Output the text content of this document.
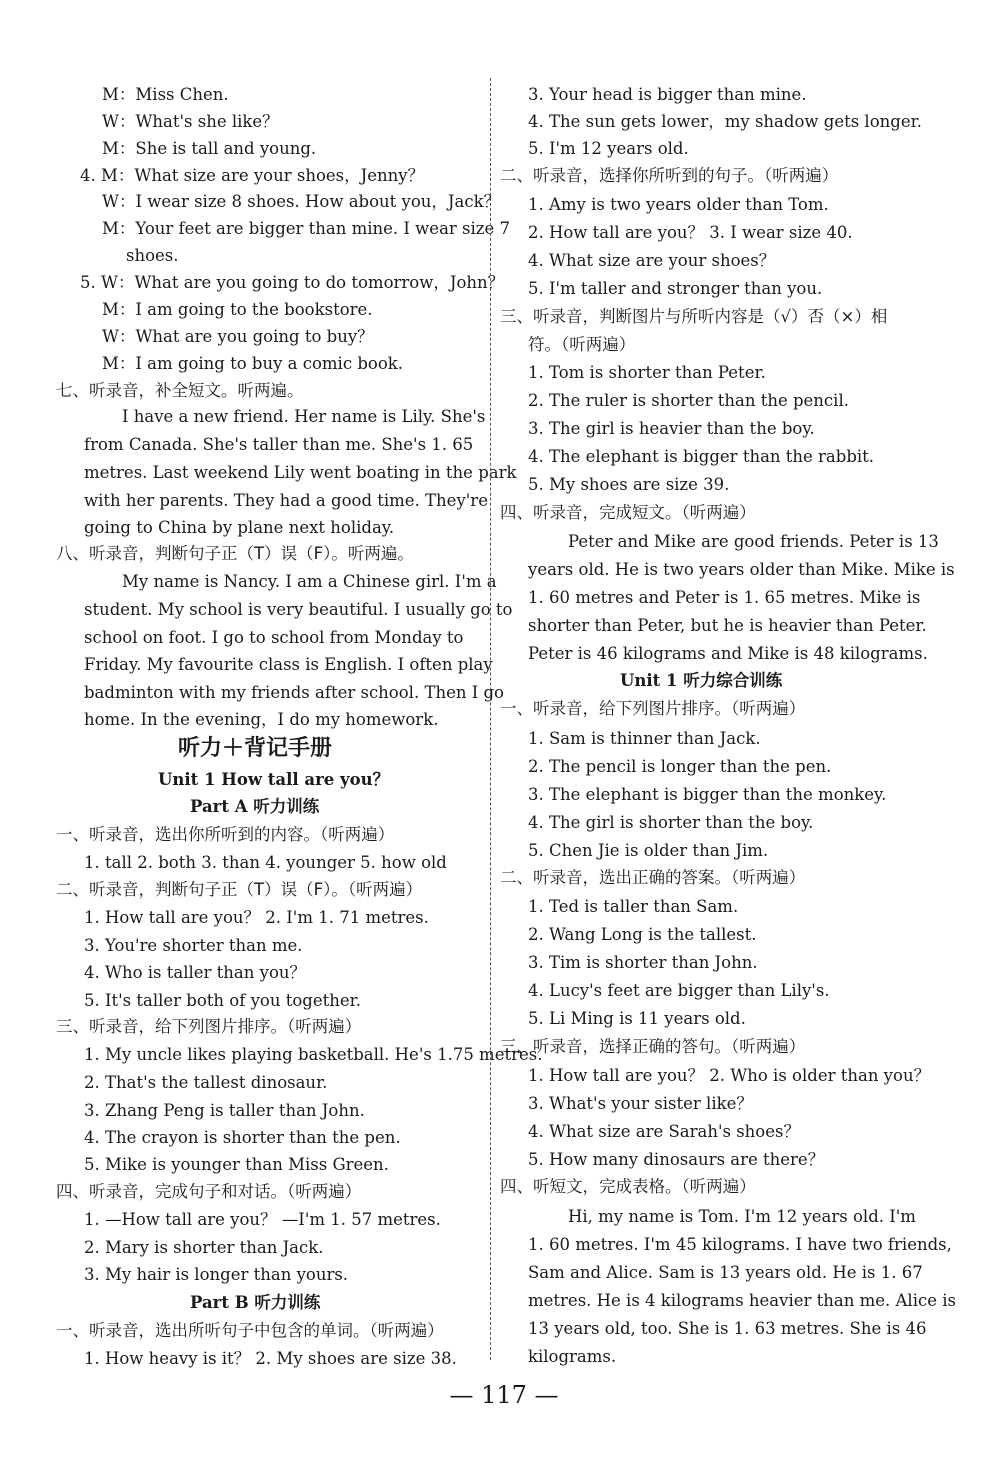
M：Miss Chen.
W：What's she like？
M：She is tall and young.
4. M：What size are your shoes，Jenny？
W：I wear size 8 shoes. How about you，Jack？
M：Your feet are bigger than mine. I wear size 7
shoes.
5. W：What are you going to do tomorrow，John？
M：I am going to the bookstore.
W：What are you going to buy？
M：I am going to buy a comic book.
七、听录音，补全短文。听两遍。
I have a new friend. Her name is Lily. She's
from Canada. She's taller than me. She's 1. 65
metres. Last weekend Lily went boating in the park
with her parents. They had a good time. They're
going to China by plane next holiday.
八、听录音，判断句子正（T）误（F）。听两遍。
My name is Nancy. I am a Chinese girl. I'm a
student. My school is very beautiful. I usually go to
school on foot. I go to school from Monday to
Friday. My favourite class is English. I often play
badminton with my friends after school. Then I go
home. In the evening，I do my homework.
听力＋背记手册
Unit 1 How tall are you？
Part A 听力训练
一、听录音，选出你所听到的内容。（听两遍）
1. tall 2. both 3. than 4. younger 5. how old
二、听录音，判断句子正（T）误（F）。（听两遍）
1. How tall are you？ 2. I'm 1. 71 metres.
3. You're shorter than me.
4. Who is taller than you？
5. It's taller both of you together.
三、听录音，给下列图片排序。（听两遍）
1. My uncle likes playing basketball. He's 1.75 metres.
2. That's the tallest dinosaur.
3. Zhang Peng is taller than John.
4. The crayon is shorter than the pen.
5. Mike is younger than Miss Green.
四、听录音，完成句子和对话。（听两遍）
1. —How tall are you？ —I'm 1. 57 metres.
2. Mary is shorter than Jack.
3. My hair is longer than yours.
Part B 听力训练
一、听录音，选出所听句子中包含的单词。（听两遍）
1. How heavy is it？ 2. My shoes are size 38.
3. Your head is bigger than mine.
4. The sun gets lower，my shadow gets longer.
5. I'm 12 years old.
二、听录音，选择你所听到的句子。（听两遍）
1. Amy is two years older than Tom.
2. How tall are you？ 3. I wear size 40.
4. What size are your shoes？
5. I'm taller and stronger than you.
三、听录音，判断图片与所听内容是（√）否（×）相
符。（听两遍）
1. Tom is shorter than Peter.
2. The ruler is shorter than the pencil.
3. The girl is heavier than the boy.
4. The elephant is bigger than the rabbit.
5. My shoes are size 39.
四、听录音，完成短文。（听两遍）
Peter and Mike are good friends. Peter is 13
years old. He is two years older than Mike. Mike is
1. 60 metres and Peter is 1. 65 metres. Mike is
shorter than Peter, but he is heavier than Peter.
Peter is 46 kilograms and Mike is 48 kilograms.
Unit 1 听力综合训练
一、听录音，给下列图片排序。（听两遍）
1. Sam is thinner than Jack.
2. The pencil is longer than the pen.
3. The elephant is bigger than the monkey.
4. The girl is shorter than the boy.
5. Chen Jie is older than Jim.
二、听录音，选出正确的答案。（听两遍）
1. Ted is taller than Sam.
2. Wang Long is the tallest.
3. Tim is shorter than John.
4. Lucy's feet are bigger than Lily's.
5. Li Ming is 11 years old.
三、听录音，选择正确的答句。（听两遍）
1. How tall are you？ 2. Who is older than you？
3. What's your sister like？
4. What size are Sarah's shoes？
5. How many dinosaurs are there？
四、听短文，完成表格。（听两遍）
Hi, my name is Tom. I'm 12 years old. I'm
1. 60 metres. I'm 45 kilograms. I have two friends,
Sam and Alice. Sam is 13 years old. He is 1. 67
metres. He is 4 kilograms heavier than me. Alice is
13 years old, too. She is 1. 63 metres. She is 46
kilograms.
— 117 —
